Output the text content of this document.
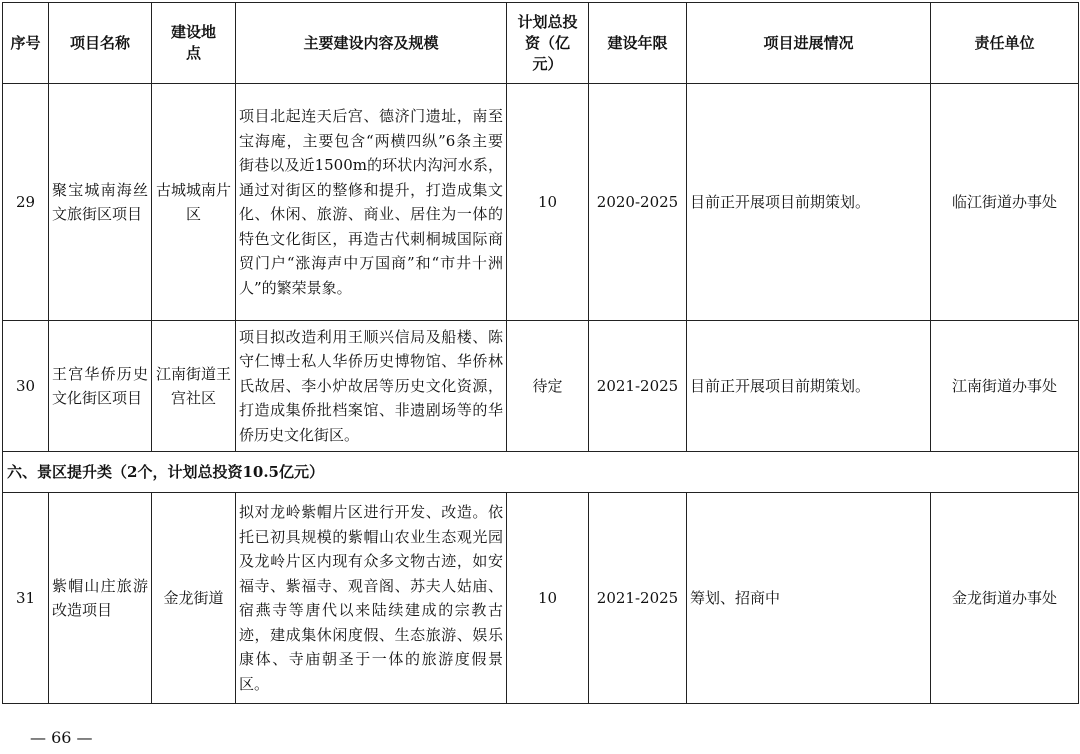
序号	项目名称	建设地点	主要建设内容及规模	计划总投资（亿元）	建设年限	项目进展情况	责任单位
29	聚宝城南海丝文旅街区项目	古城城南片区	项目北起连天后宫、德济门遗址，南至宝海庵，主要包含“两横四纵”6条主要街巷以及近1500m的环状内沟河水系，通过对街区的整修和提升，打造成集文化、休闲、旅游、商业、居住为一体的特色文化街区，再造古代刺桐城国际商贸门户“涨海声中万国商”和“市井十洲人”的繁荣景象。	10	2020-2025	目前正开展项目前期策划。	临江街道办事处
30	王宫华侨历史文化街区项目	江南街道王宫社区	项目拟改造利用王顺兴信局及船楼、陈守仁博士私人华侨历史博物馆、华侨林氏故居、李小炉故居等历史文化资源，打造成集侨批档案馆、非遗剧场等的华侨历史文化街区。	待定	2021-2025	目前正开展项目前期策划。	江南街道办事处
六、景区提升类（2个，计划总投资10.5亿元）							
31	紫帽山庄旅游改造项目	金龙街道	拟对龙岭紫帽片区进行开发、改造。依托已初具规模的紫帽山农业生态观光园及龙岭片区内现有众多文物古迹，如安福寺、紫福寺、观音阁、苏夫人姑庙、宿燕寺等唐代以来陆续建成的宗教古迹，建成集休闲度假、生态旅游、娱乐康体、寺庙朝圣于一体的旅游度假景区。	10	2021-2025	筹划、招商中	金龙街道办事处
— 66 —
